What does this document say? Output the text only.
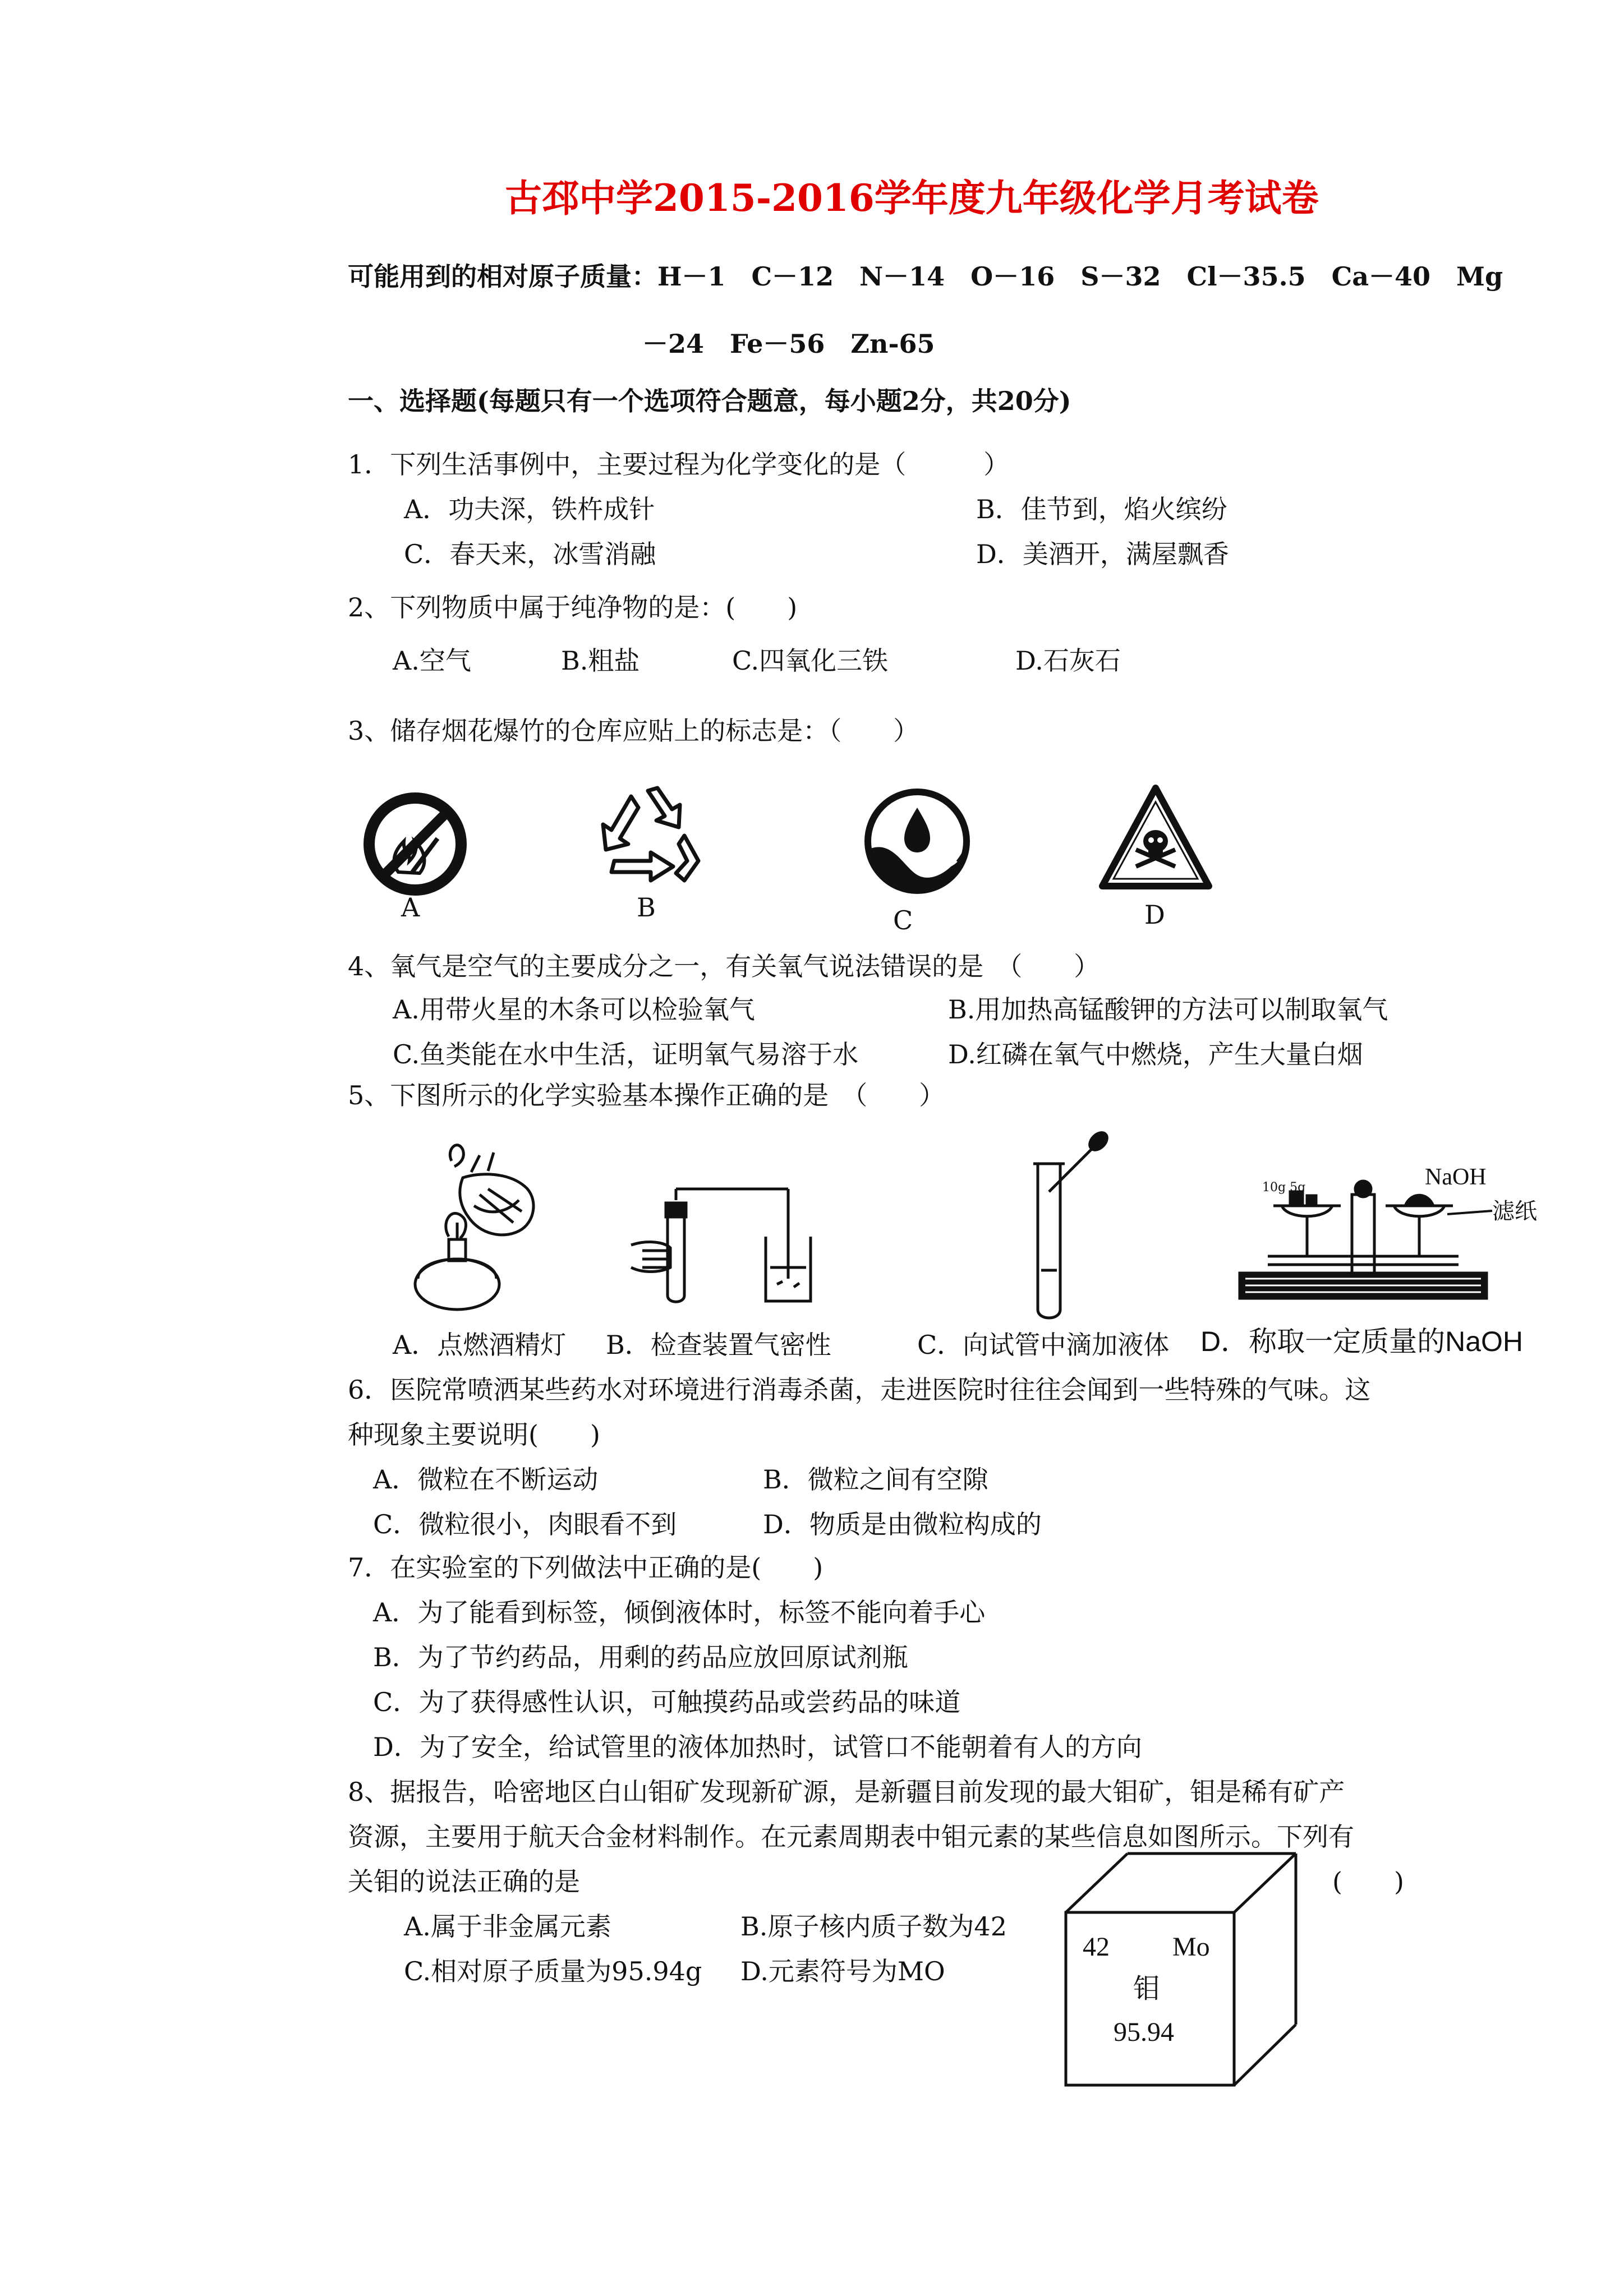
古邳中学2015-2016学年度九年级化学月考试卷
可能用到的相对原子质量：H－1　C－12　N－14　O－16　S－32　Cl－35.5　Ca－40　Mg
－24　Fe－56　Zn-65
一、选择题(每题只有一个选项符合题意，每小题2分，共20分)
1．下列生活事例中，主要过程为化学变化的是（　　　）
A．功夫深，铁杵成针	B．佳节到，焰火缤纷
C．春天来，冰雪消融	D．美酒开，满屋飘香
2、下列物质中属于纯净物的是：(　　)
A.空气	B.粗盐	C.四氧化三铁	D.石灰石
3、储存烟花爆竹的仓库应贴上的标志是：（　　）
A	B	C	D
4、氧气是空气的主要成分之一，有关氧气说法错误的是　（　　）
A.用带火星的木条可以检验氧气	B.用加热高锰酸钾的方法可以制取氧气
C.鱼类能在水中生活，证明氧气易溶于水	D.红磷在氧气中燃烧，产生大量白烟
5、下图所示的化学实验基本操作正确的是　（　　）
10g 5g	NaOH
滤纸
A．点燃酒精灯 B．检查装置气密性	C．向试管中滴加液体 D．称取一定质量的NaOH
6．医院常喷洒某些药水对环境进行消毒杀菌，走进医院时往往会闻到一些特殊的气味。这
种现象主要说明(　　)
A．微粒在不断运动	B．微粒之间有空隙
C．微粒很小，肉眼看不到	D．物质是由微粒构成的
7．在实验室的下列做法中正确的是(　　)
A．为了能看到标签，倾倒液体时，标签不能向着手心
B．为了节约药品，用剩的药品应放回原试剂瓶
C．为了获得感性认识，可触摸药品或尝药品的味道
D．为了安全，给试管里的液体加热时，试管口不能朝着有人的方向
8、据报告，哈密地区白山钼矿发现新矿源，是新疆目前发现的最大钼矿，钼是稀有矿产
资源，主要用于航天合金材料制作。在元素周期表中钼元素的某些信息如图所示。下列有
关钼的说法正确的是	(　　)
A.属于非金属元素	B.原子核内质子数为42
C.相对原子质量为95.94g D.元素符号为MO
42 Mo
钼
95.94
